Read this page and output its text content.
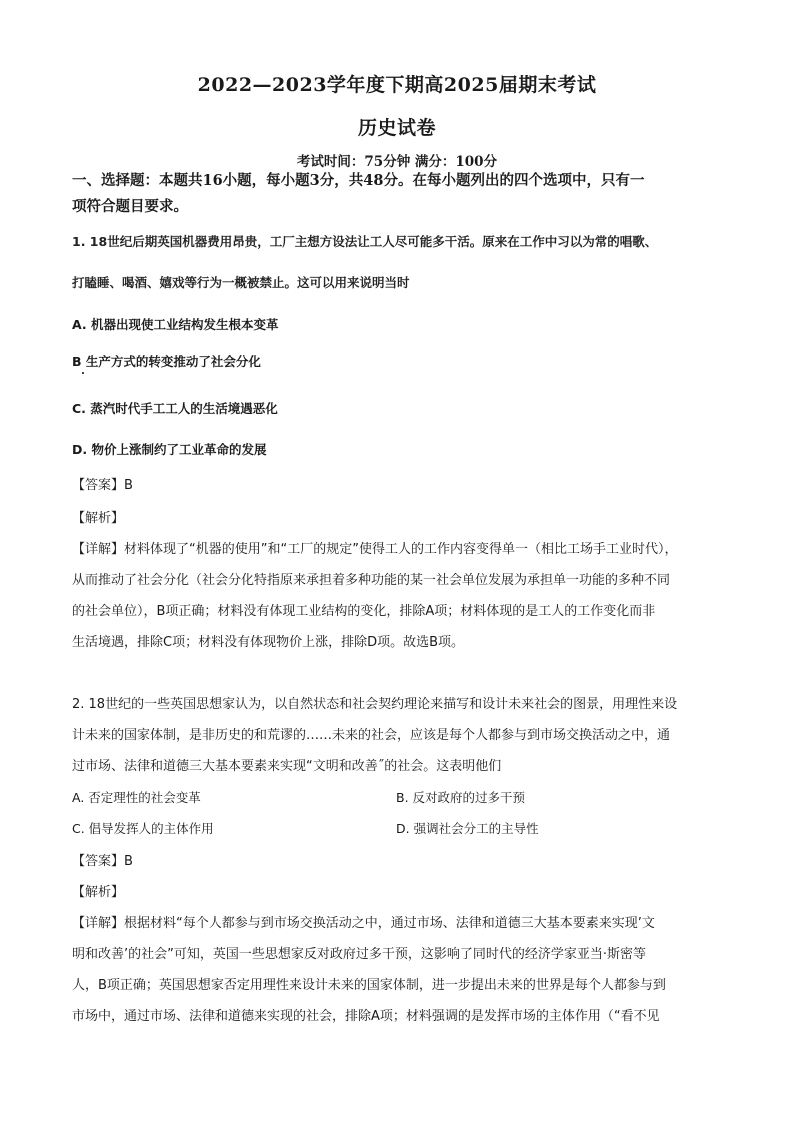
2022—2023学年度下期高2025届期末考试
历史试卷
考试时间：75分钟 满分：100分
一、选择题：本题共16小题，每小题3分，共48分。在每小题列出的四个选项中，只有一
项符合题目要求。
1. 18世纪后期英国机器费用昂贵，工厂主想方设法让工人尽可能多干活。原来在工作中习以为常的唱歌、
打瞌睡、喝酒、嬉戏等行为一概被禁止。这可以用来说明当时
A. 机器出现使工业结构发生根本变革
B 生产方式的转变推动了社会分化
C. 蒸汽时代手工工人的生活境遇恶化
D. 物价上涨制约了工业革命的发展
【答案】B
【解析】
【详解】材料体现了“机器的使用”和“工厂的规定”使得工人的工作内容变得单一（相比工场手工业时代），
从而推动了社会分化（社会分化特指原来承担着多种功能的某一社会单位发展为承担单一功能的多种不同
的社会单位），B项正确；材料没有体现工业结构的变化，排除A项；材料体现的是工人的工作变化而非
生活境遇，排除C项；材料没有体现物价上涨，排除D项。故选B项。
2. 18世纪的一些英国思想家认为，以自然状态和社会契约理论来描写和设计未来社会的图景，用理性来设
计未来的国家体制，是非历史的和荒谬的……未来的社会，应该是每个人都参与到市场交换活动之中，通
过市场、法律和道德三大基本要素来实现“文明和改善˝的社会。这表明他们
A. 否定理性的社会变革	B. 反对政府的过多干预
C. 倡导发挥人的主体作用	D. 强调社会分工的主导性
【答案】B
【解析】
【详解】根据材料“每个人都参与到市场交换活动之中，通过市场、法律和道德三大基本要素来实现’文
明和改善’的社会”可知，英国一些思想家反对政府过多干预，这影响了同时代的经济学家亚当·斯密等
人，B项正确；英国思想家否定用理性来设计未来的国家体制，进一步提出未来的世界是每个人都参与到
市场中，通过市场、法律和道德来实现的社会，排除A项；材料强调的是发挥市场的主体作用（“看不见
